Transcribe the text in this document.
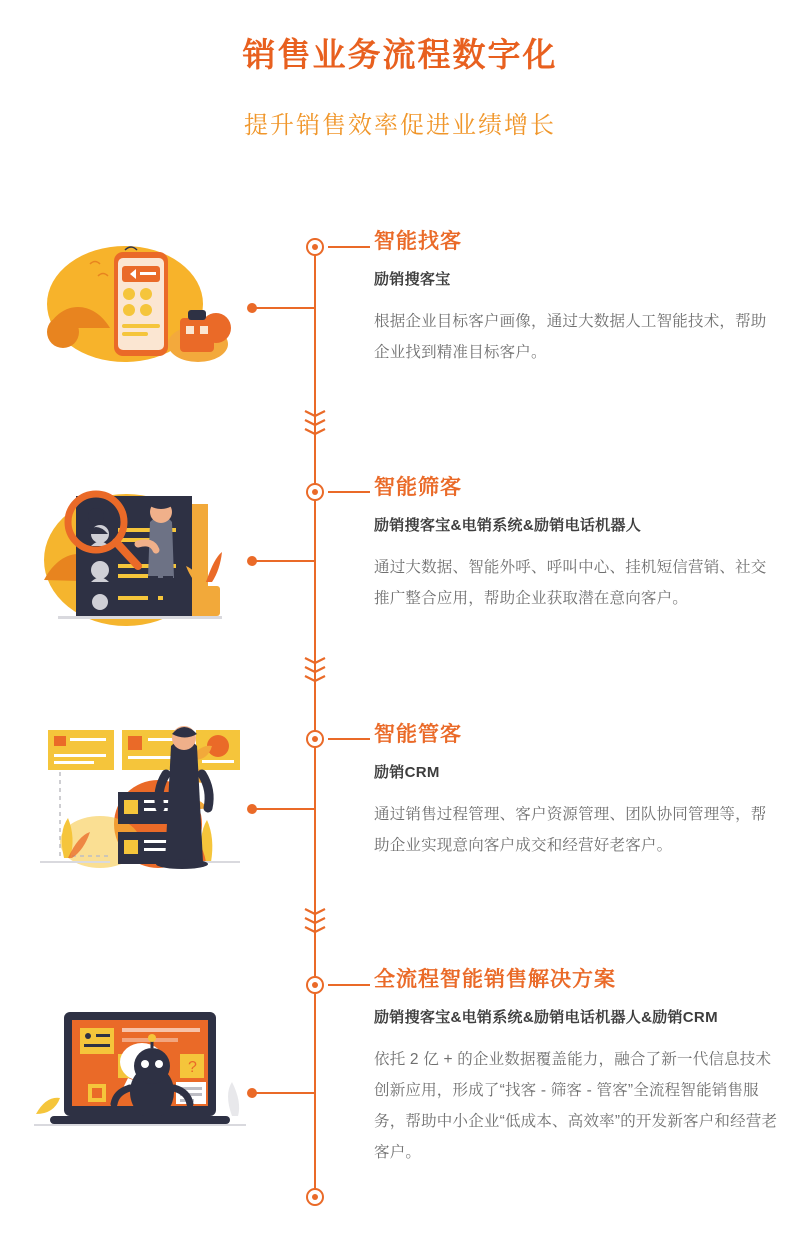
销售业务流程数字化
提升销售效率促进业绩增长
智能找客
励销搜客宝
根据企业目标客户画像，通过大数据人工智能技术，帮助企业找到精准目标客户。
智能筛客
励销搜客宝&电销系统&励销电话机器人
通过大数据、智能外呼、呼叫中心、挂机短信营销、社交推广整合应用，帮助企业获取潜在意向客户。
智能管客
励销CRM
通过销售过程管理、客户资源管理、团队协同管理等，帮助企业实现意向客户成交和经营好老客户。
?
全流程智能销售解决方案
励销搜客宝&电销系统&励销电话机器人&励销CRM
依托 2 亿 + 的企业数据覆盖能力，融合了新一代信息技术创新应用，形成了“找客 - 筛客 - 管客”全流程智能销售服务，帮助中小企业“低成本、高效率”的开发新客户和经营老客户。
